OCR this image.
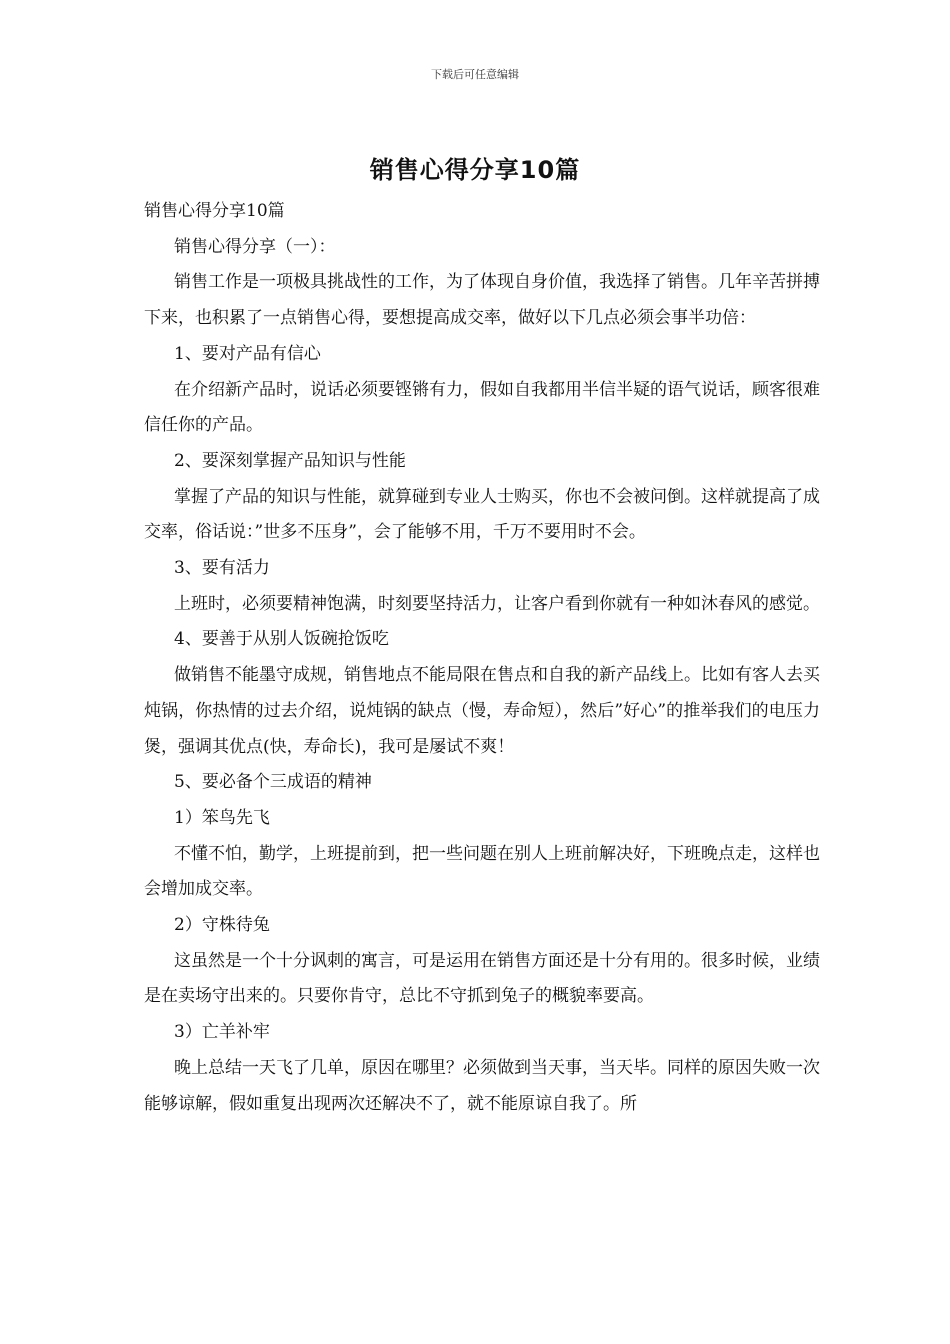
下载后可任意编辑
销售心得分享10篇

销售心得分享10篇

销售心得分享（一）：

销售工作是一项极具挑战性的工作，为了体现自身价值，我选择了销售。几年辛苦拼搏下来，也积累了一点销售心得，要想提高成交率，做好以下几点必须会事半功倍：

1、要对产品有信心

在介绍新产品时，说话必须要铿锵有力，假如自我都用半信半疑的语气说话，顾客很难信任你的产品。

2、要深刻掌握产品知识与性能

掌握了产品的知识与性能，就算碰到专业人士购买，你也不会被问倒。这样就提高了成交率，俗话说：”世多不压身”，会了能够不用，千万不要用时不会。

3、要有活力

上班时，必须要精神饱满，时刻要坚持活力，让客户看到你就有一种如沐春风的感觉。

4、要善于从别人饭碗抢饭吃

做销售不能墨守成规，销售地点不能局限在售点和自我的新产品线上。比如有客人去买炖锅，你热情的过去介绍，说炖锅的缺点（慢，寿命短），然后”好心”的推举我们的电压力煲，强调其优点(快，寿命长)，我可是屡试不爽！

5、要必备个三成语的精神

1）笨鸟先飞

不懂不怕，勤学，上班提前到，把一些问题在别人上班前解决好，下班晚点走，这样也会增加成交率。

2）守株待兔

这虽然是一个十分讽刺的寓言，可是运用在销售方面还是十分有用的。很多时候，业绩是在卖场守出来的。只要你肯守，总比不守抓到兔子的概貌率要高。

3）亡羊补牢

晚上总结一天飞了几单，原因在哪里？必须做到当天事，当天毕。同样的原因失败一次能够谅解，假如重复出现两次还解决不了，就不能原谅自我了。所
